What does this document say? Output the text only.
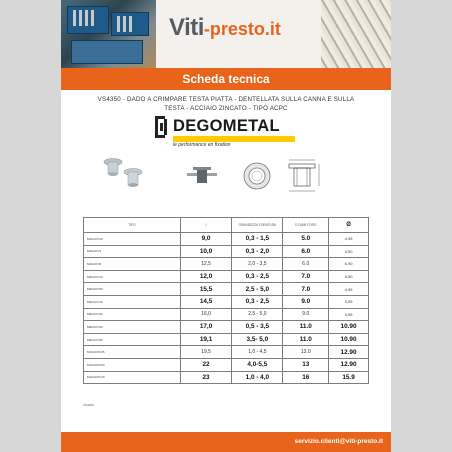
Viti -presto.it
Scheda tecnica
VS4350 - DADO A CRIMPARE TESTA PIATTA - DENTELLATA SULLA CANNA E SULLA TESTA - ACCIAIO ZINCATO - TIPO ACPC
DEGOMETAL
le performance en fixation
TIPO	I	GRANDEZZA FORATURA	D DIAM FORO	Ø
M4ACPC10	9,0	0,3 - 1,5	5.0	4,95
M4ACPC3	10,0	0,3 - 2,0	6.0	4,90
M4ACPC8	12,5	2,0 - 3,5	6.0	6,90
M5ACPC10	12,0	0,3 - 2,5	7.0	4,90
M5ACPC50	15,5	2,5 - 5,0	7.0	4,95
M6ACPC10	14,5	0,3 - 2,5	9.0	3,95
M6ACPC30	16,0	2,5 - 5,0	9.0	3,95
M8ACPC30	17,0	0,5 - 3,5	11.0	10.90
M8ACPC50	19,1	3,5- 5,0	11.0	10.90
M10ACPC35	19,5	1,0 - 4,5	13.0	12.90
M10ACPC60	22	4,0-5,5	13	12.90
M12ACPC40	23	1,0 - 4,0	16	15.9
VS4350
servizio.clienti@viti-presto.it
